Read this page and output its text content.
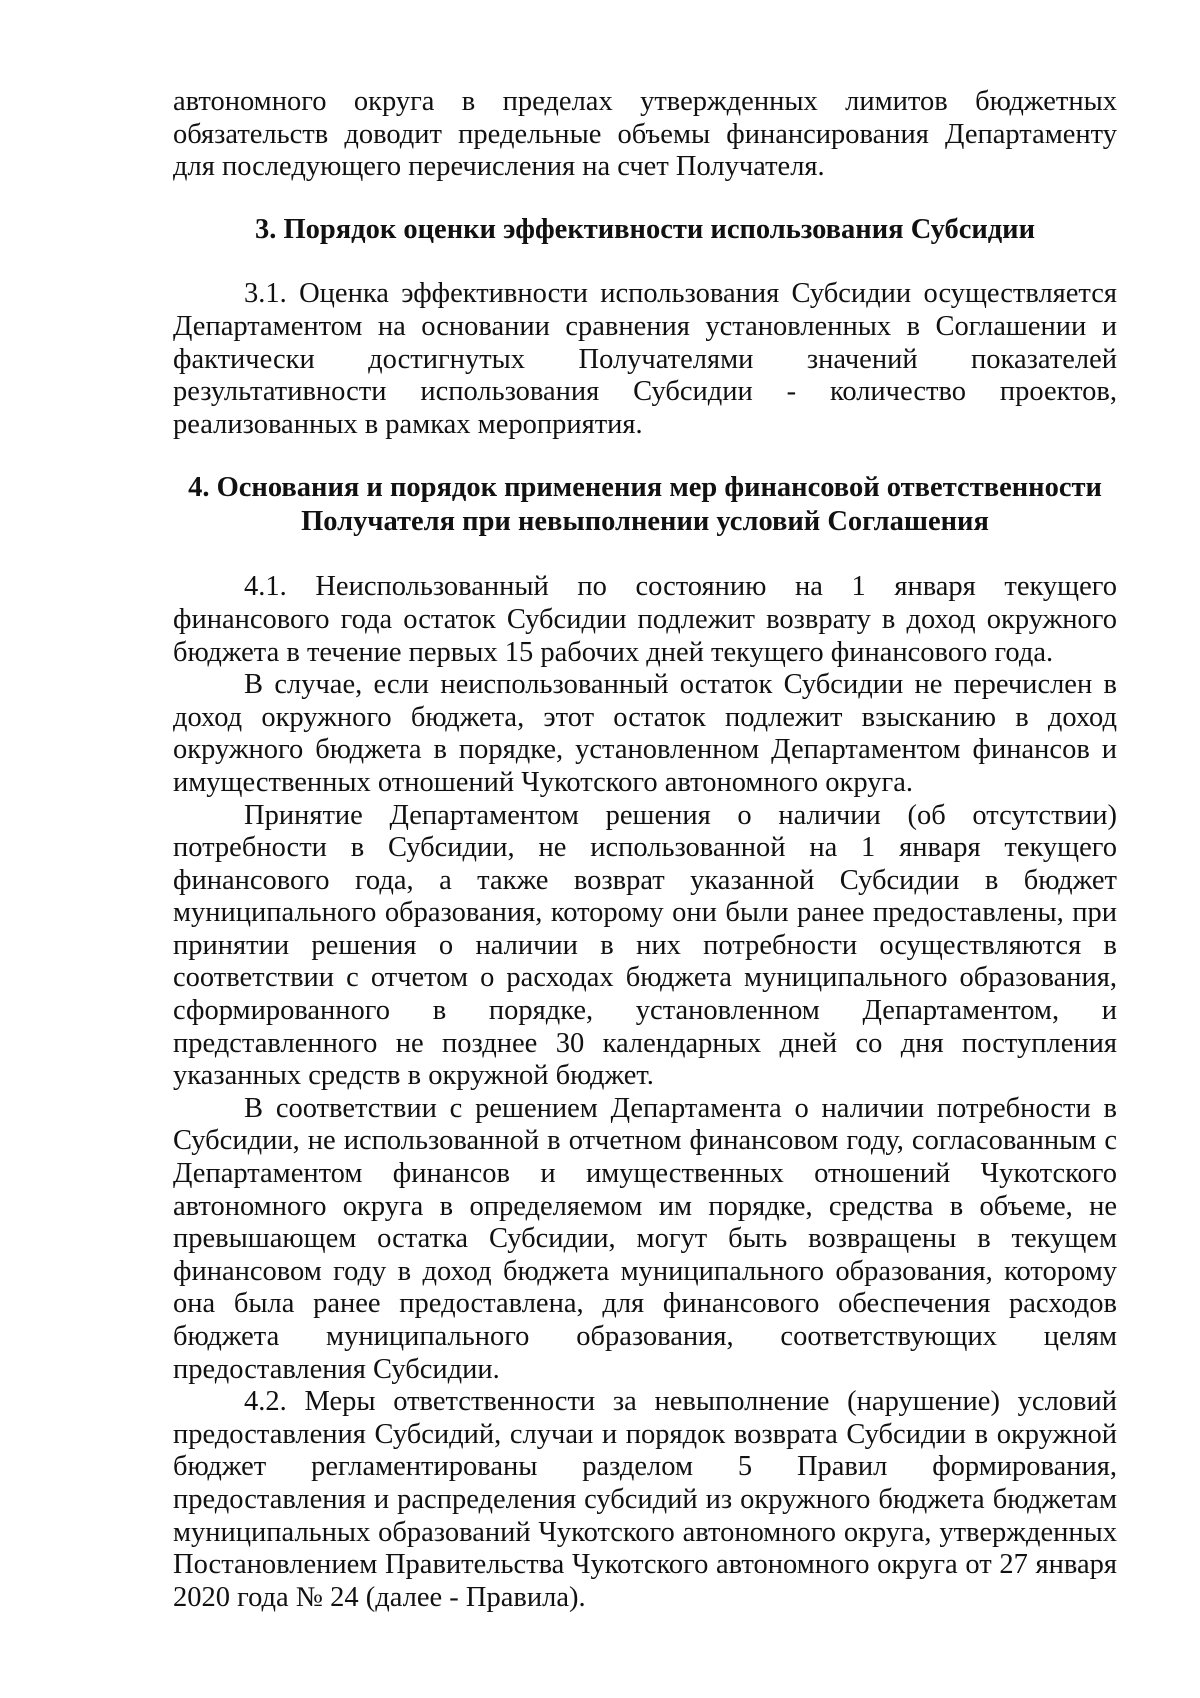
автономного округа в пределах утвержденных лимитов бюджетных обязательств доводит предельные объемы финансирования Департаменту для последующего перечисления на счет Получателя.

3. Порядок оценки эффективности использования Субсидии

3.1. Оценка эффективности использования Субсидии осуществляется Департаментом на основании сравнения установленных в Соглашении и фактически достигнутых Получателями значений показателей результативности использования Субсидии - количество проектов, реализованных в рамках мероприятия.

4. Основания и порядок применения мер финансовой ответственности
Получателя при невыполнении условий Соглашения

4.1. Неиспользованный по состоянию на 1 января текущего финансового года остаток Субсидии подлежит возврату в доход окружного бюджета в течение первых 15 рабочих дней текущего финансового года.

В случае, если неиспользованный остаток Субсидии не перечислен в доход окружного бюджета, этот остаток подлежит взысканию в доход окружного бюджета в порядке, установленном Департаментом финансов и имущественных отношений Чукотского автономного округа.

Принятие Департаментом решения о наличии (об отсутствии) потребности в Субсидии, не использованной на 1 января текущего финансового года, а также возврат указанной Субсидии в бюджет муниципального образования, которому они были ранее предоставлены, при принятии решения о наличии в них потребности осуществляются в соответствии с отчетом о расходах бюджета муниципального образования, сформированного в порядке, установленном Департаментом, и представленного не позднее 30 календарных дней со дня поступления указанных средств в окружной бюджет.

В соответствии с решением Департамента о наличии потребности в Субсидии, не использованной в отчетном финансовом году, согласованным с Департаментом финансов и имущественных отношений Чукотского автономного округа в определяемом им порядке, средства в объеме, не превышающем остатка Субсидии, могут быть возвращены в текущем финансовом году в доход бюджета муниципального образования, которому она была ранее предоставлена, для финансового обеспечения расходов бюджета муниципального образования, соответствующих целям предоставления Субсидии.

4.2. Меры ответственности за невыполнение (нарушение) условий предоставления Субсидий, случаи и порядок возврата Субсидии в окружной бюджет регламентированы разделом 5 Правил формирования, предоставления и распределения субсидий из окружного бюджета бюджетам муниципальных образований Чукотского автономного округа, утвержденных Постановлением Правительства Чукотского автономного округа от 27 января 2020 года № 24 (далее - Правила).
